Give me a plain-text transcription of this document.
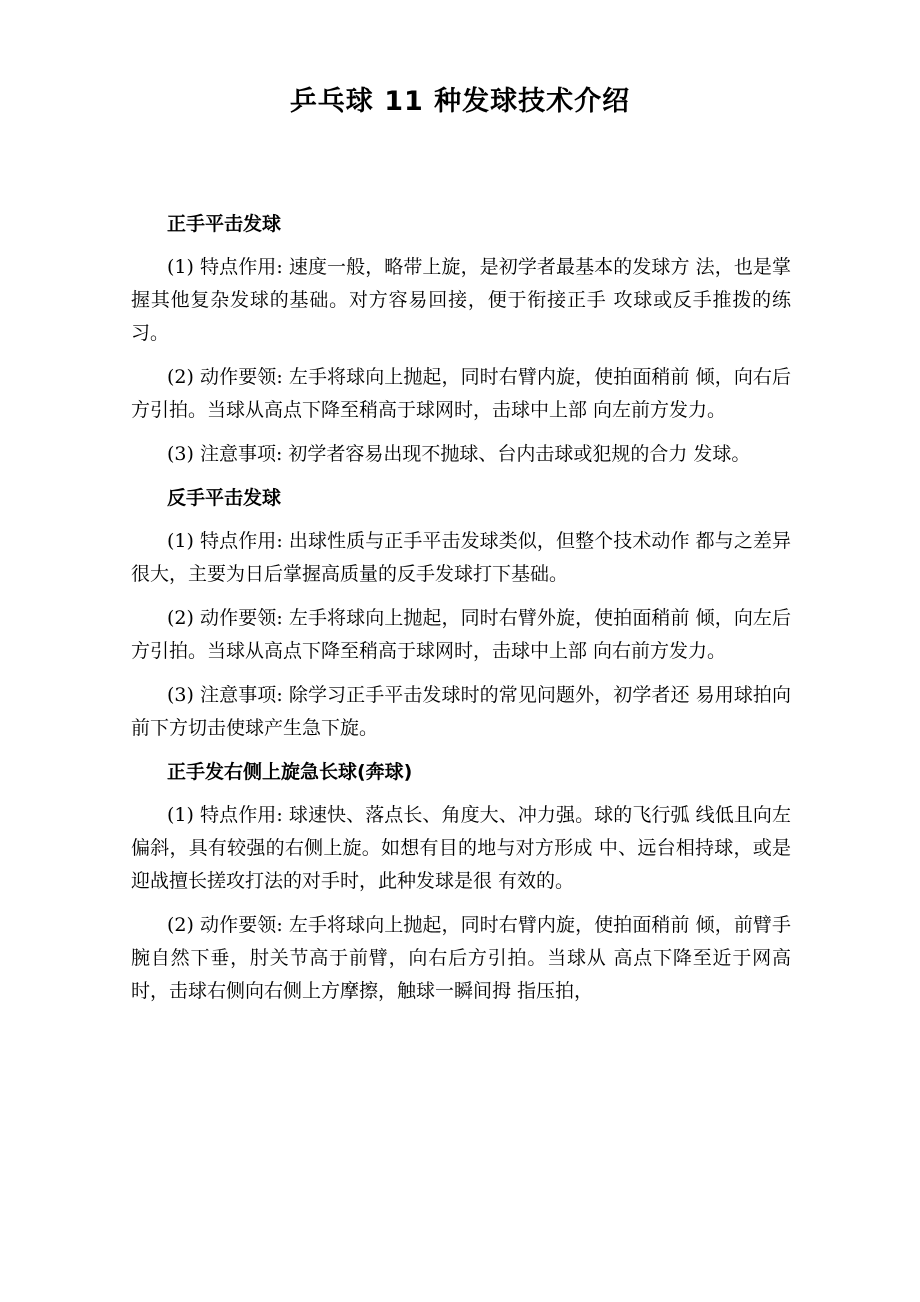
乒乓球 11 种发球技术介绍
正手平击发球

(1) 特点作用: 速度一般，略带上旋，是初学者最基本的发球方 法，也是掌握其他复杂发球的基础。对方容易回接，便于衔接正手 攻球或反手推拨的练习。

(2) 动作要领: 左手将球向上抛起，同时右臂内旋，使拍面稍前 倾，向右后方引拍。当球从高点下降至稍高于球网时，击球中上部 向左前方发力。

(3) 注意事项: 初学者容易出现不抛球、台内击球或犯规的合力 发球。

反手平击发球

(1) 特点作用: 出球性质与正手平击发球类似，但整个技术动作 都与之差异很大，主要为日后掌握高质量的反手发球打下基础。

(2) 动作要领: 左手将球向上抛起，同时右臂外旋，使拍面稍前 倾，向左后方引拍。当球从高点下降至稍高于球网时，击球中上部 向右前方发力。

(3) 注意事项: 除学习正手平击发球时的常见问题外，初学者还 易用球拍向前下方切击使球产生急下旋。

正手发右侧上旋急长球(奔球)

(1) 特点作用: 球速快、落点长、角度大、冲力强。球的飞行弧 线低且向左偏斜，具有较强的右侧上旋。如想有目的地与对方形成 中、远台相持球，或是迎战擅长搓攻打法的对手时，此种发球是很 有效的。

(2) 动作要领: 左手将球向上抛起，同时右臂内旋，使拍面稍前 倾，前臂手腕自然下垂，肘关节高于前臂，向右后方引拍。当球从 高点下降至近于网高时，击球右侧向右侧上方摩擦，触球一瞬间拇 指压拍，
